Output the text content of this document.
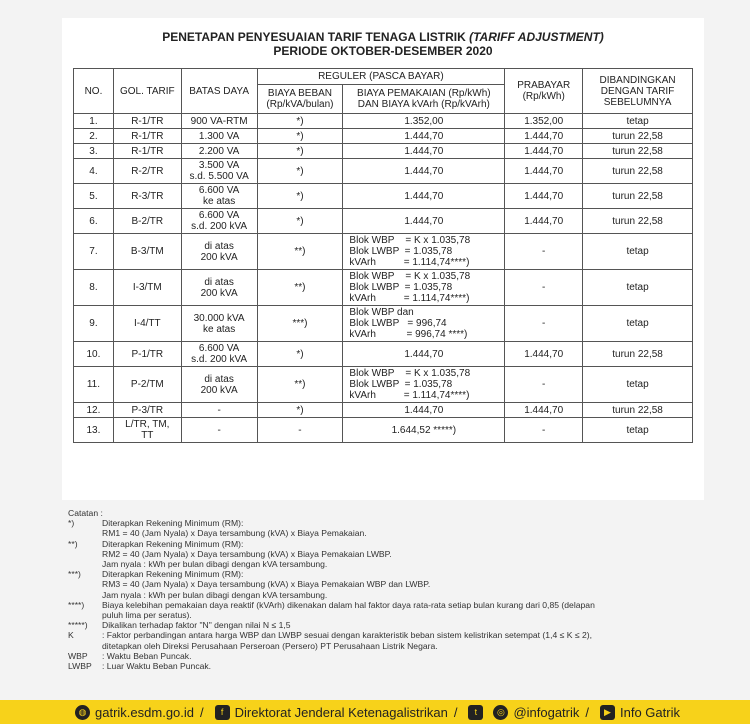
PENETAPAN PENYESUAIAN TARIF TENAGA LISTRIK (TARIFF ADJUSTMENT)
PERIODE OKTOBER-DESEMBER 2020
NO.	GOL. TARIF	BATAS DAYA	REGULER (PASCA BAYAR)		PRABAYAR (Rp/kWh)	DIBANDINGKAN DENGAN TARIF SEBELUMNYA
			BIAYA BEBAN (Rp/kVA/bulan)	BIAYA PEMAKAIAN (Rp/kWh) DAN BIAYA kVArh (Rp/kVArh)		
1.	R-1/TR	900 VA-RTM	*)	1.352,00	1.352,00	tetap
2.	R-1/TR	1.300 VA	*)	1.444,70	1.444,70	turun 22,58
3.	R-1/TR	2.200 VA	*)	1.444,70	1.444,70	turun 22,58
4.	R-2/TR	3.500 VA
s.d. 5.500 VA	*)	1.444,70	1.444,70	turun 22,58
5.	R-3/TR	6.600 VA
ke atas	*)	1.444,70	1.444,70	turun 22,58
6.	B-2/TR	6.600 VA
s.d. 200 kVA	*)	1.444,70	1.444,70	turun 22,58
7.	B-3/TM	di atas
200 kVA	**)	Blok WBP    = K x 1.035,78
Blok LWBP  = 1.035,78
kVArh          = 1.114,74****)	-	tetap
8.	I-3/TM	di atas
200 kVA	**)	Blok WBP    = K x 1.035,78
Blok LWBP  = 1.035,78
kVArh          = 1.114,74****)	-	tetap
9.	I-4/TT	30.000 kVA
ke atas	***)	Blok WBP dan
Blok LWBP   = 996,74
kVArh           = 996,74 ****)	-	tetap
10.	P-1/TR	6.600 VA
s.d. 200 kVA	*)	1.444,70	1.444,70	turun 22,58
11.	P-2/TM	di atas
200 kVA	**)	Blok WBP    = K x 1.035,78
Blok LWBP  = 1.035,78
kVArh          = 1.114,74****)	-	tetap
12.	P-3/TR	-	*)	1.444,70	1.444,70	turun 22,58
13.	L/TR, TM,
TT	-	-	1.644,52 *****)	-	tetap
Catatan :
*)	Diterapkan Rekening Minimum (RM):
RM1 = 40 (Jam Nyala) x Daya tersambung (kVA) x Biaya Pemakaian.
**)	Diterapkan Rekening Minimum (RM):
RM2 = 40 (Jam Nyala) x Daya tersambung (kVA) x Biaya Pemakaian LWBP.
Jam nyala : kWh per bulan dibagi dengan kVA tersambung.
***)	Diterapkan Rekening Minimum (RM):
RM3 = 40 (Jam Nyala) x Daya tersambung (kVA) x Biaya Pemakaian WBP dan LWBP.
Jam nyala : kWh per bulan dibagi dengan kVA tersambung.
****)	Biaya kelebihan pemakaian daya reaktif (kVArh) dikenakan dalam hal faktor daya rata-rata setiap bulan kurang dari 0,85 (delapan
puluh lima per seratus).
*****)	Dikalikan terhadap faktor "N" dengan nilai N ≤ 1,5
K	: Faktor perbandingan antara harga WBP dan LWBP sesuai dengan karakteristik beban sistem kelistrikan setempat (1,4 ≤ K ≤ 2),
ditetapkan oleh Direksi Perusahaan Perseroan (Persero) PT Perusahaan Listrik Negara.
WBP	: Waktu Beban Puncak.
LWBP	: Luar Waktu Beban Puncak.
◍ gatrik.esdm.go.id /	f Direktorat Jenderal Ketenagalistrikan /	t	◎ @infogatrik /	▶ Info Gatrik
